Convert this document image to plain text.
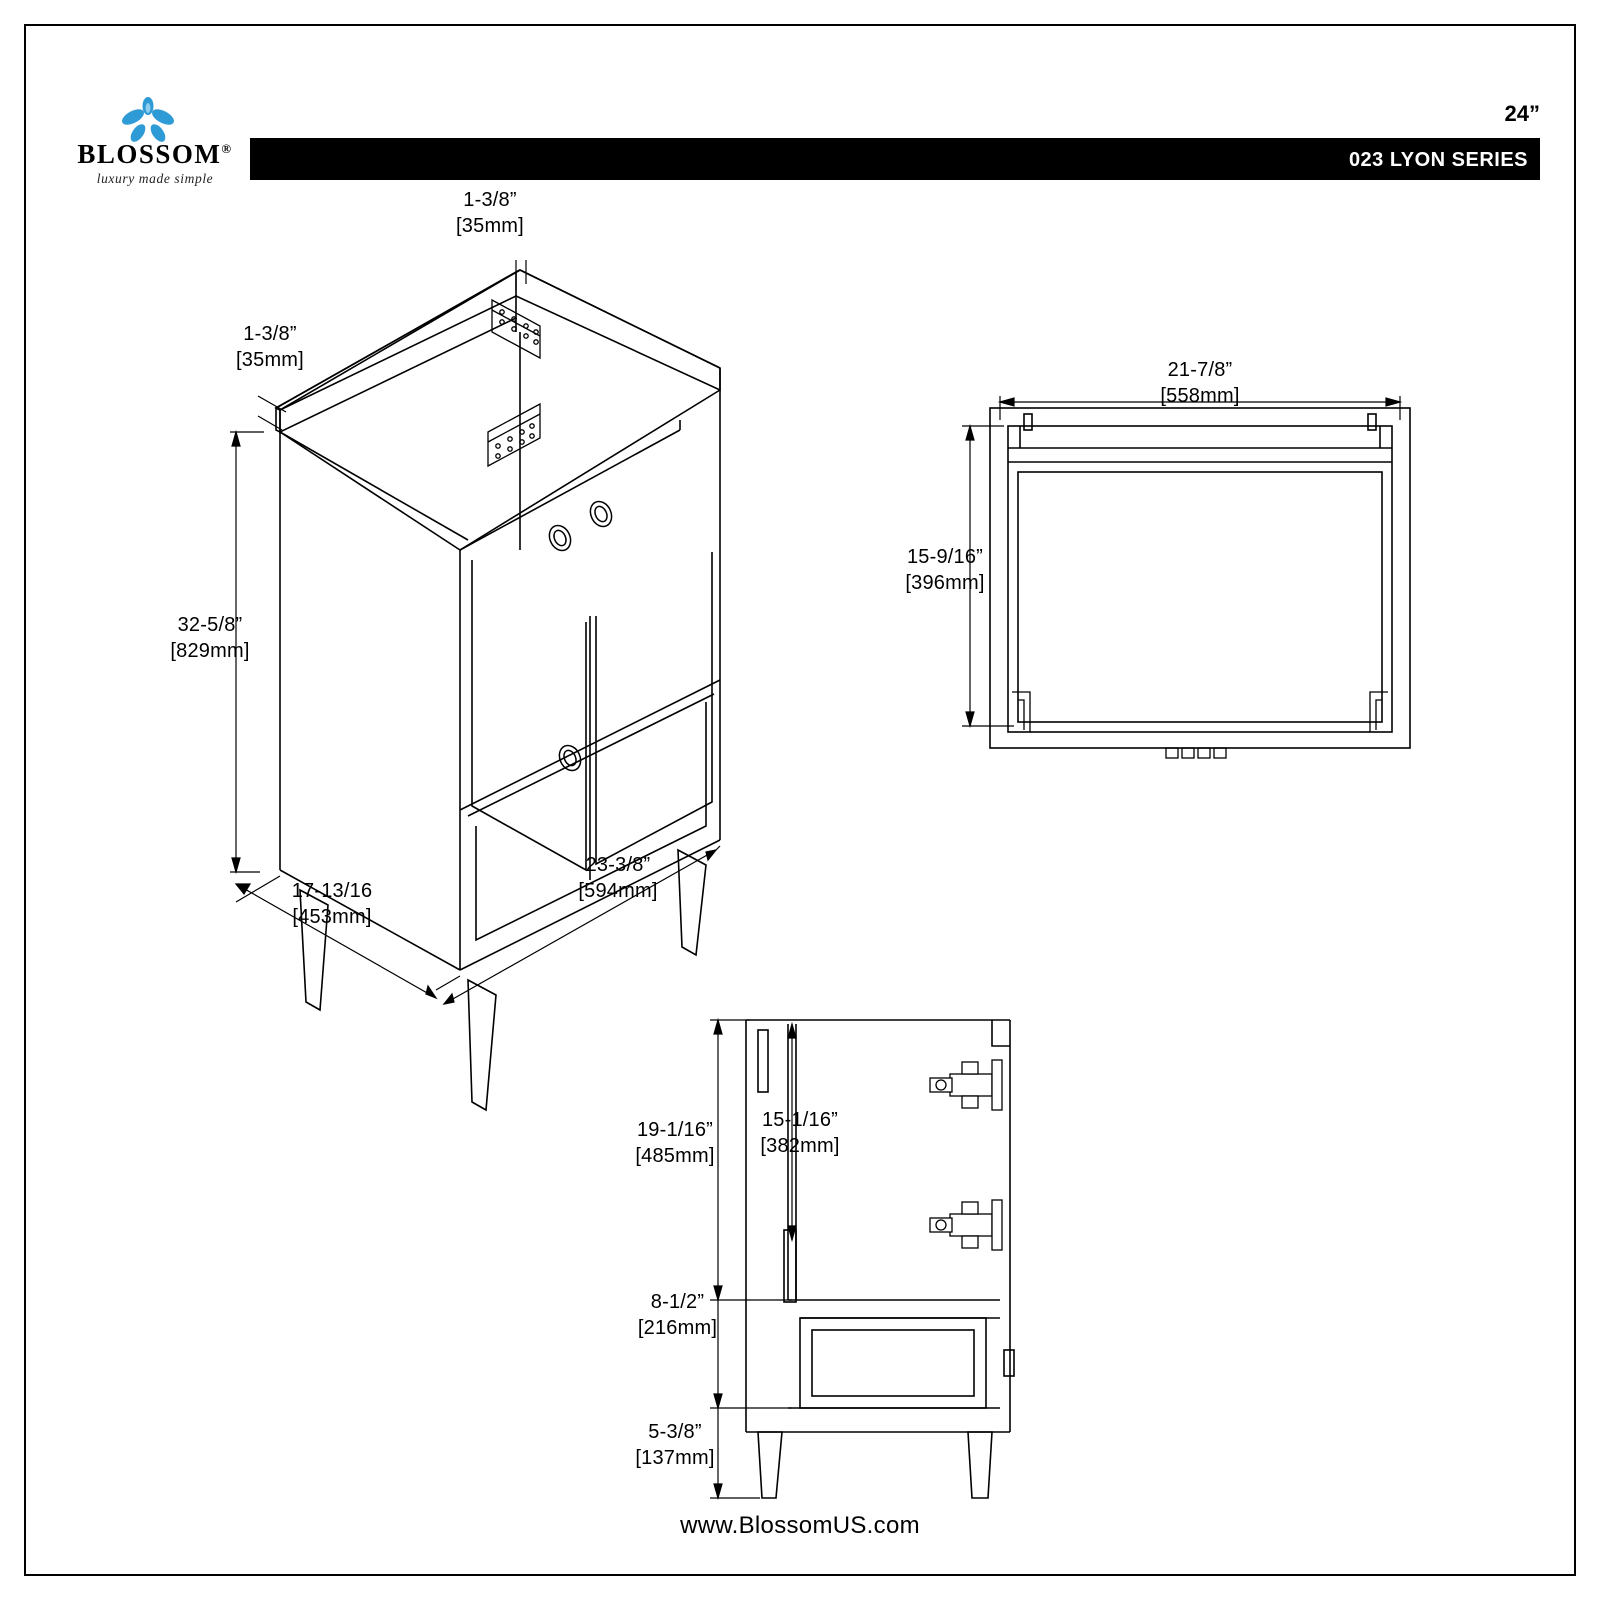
BLOSSOM®
luxury made simple
24”
023 LYON SERIES
1-3/8”
[35mm]
1-3/8”
[35mm]
32-5/8”
[829mm]
17-13/16
[453mm]
23-3/8”
[594mm]
21-7/8”
[558mm]
15-9/16”
[396mm]
19-1/16”
[485mm]
15-1/16”
[382mm]
8-1/2”
[216mm]
5-3/8”
[137mm]
www.BlossomUS.com
